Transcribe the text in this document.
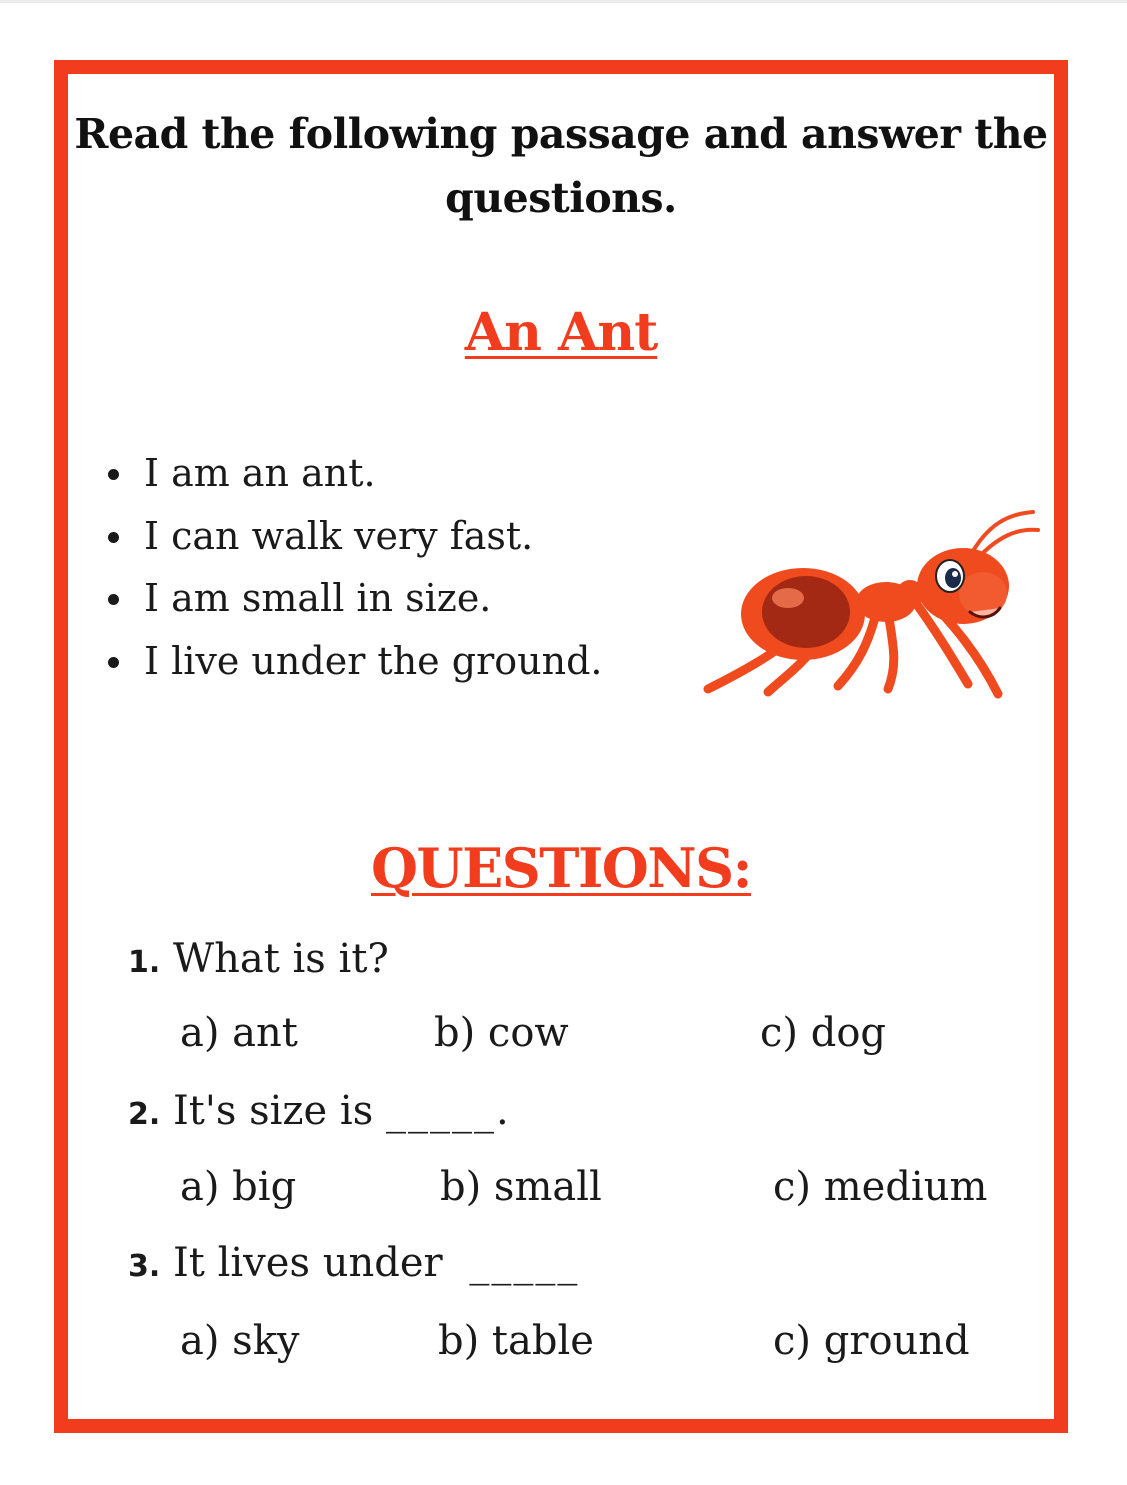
Read the following passage and answer the
questions.
An Ant
I am an ant.
I can walk very fast.
I am small in size.
I live under the ground.
QUESTIONS:
1. What is it?
a) ant	b) cow	c) dog
2. It's size is _____.
a) big	b) small	c) medium
3. It lives under _____
a) sky	b) table	c) ground
